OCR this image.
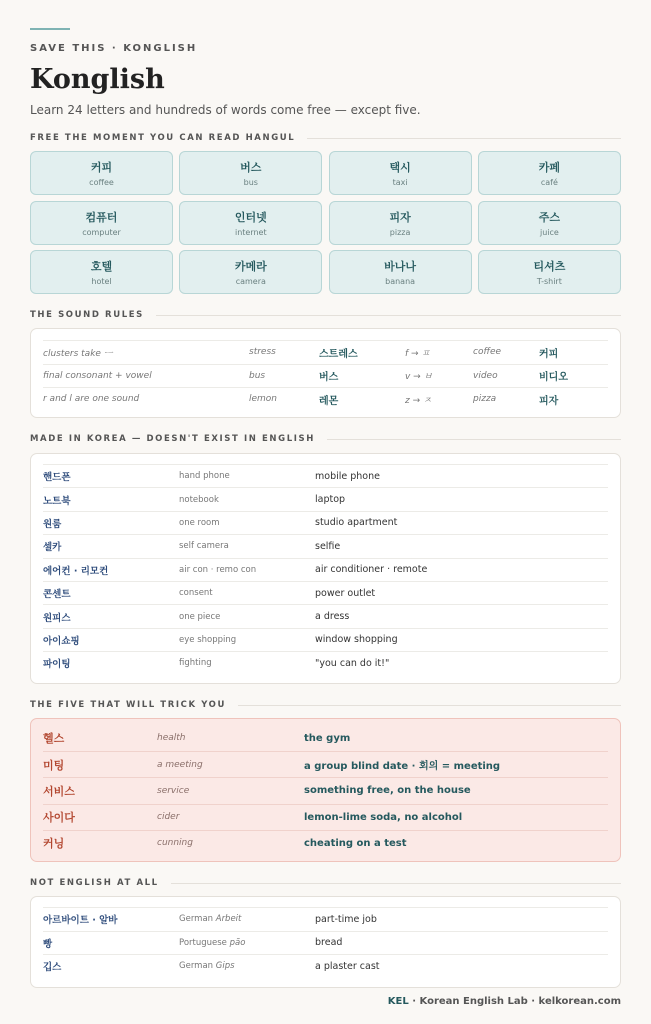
SAVE THIS · KONGLISH
Konglish
Learn 24 letters and hundreds of words come free — except five.
FREE THE MOMENT YOU CAN READ HANGUL
커피
coffee
버스
bus
택시
taxi
카페
café
컴퓨터
computer
인터넷
internet
피자
pizza
주스
juice
호텔
hotel
카메라
camera
바나나
banana
티셔츠
T-shirt
THE SOUND RULES
clusters take ㅡ	stress	스트레스	f → ㅍ	coffee	커피
final consonant + vowel	bus	버스	v → ㅂ	video	비디오
r and l are one sound	lemon	레몬	z → ㅈ	pizza	피자
MADE IN KOREA — DOESN'T EXIST IN ENGLISH
핸드폰	hand phone	mobile phone
노트북	notebook	laptop
원룸	one room	studio apartment
셀카	self camera	selfie
에어컨 · 리모컨	air con · remo con	air conditioner · remote
콘센트	consent	power outlet
원피스	one piece	a dress
아이쇼핑	eye shopping	window shopping
파이팅	fighting	"you can do it!"
THE FIVE THAT WILL TRICK YOU
헬스	health	the gym
미팅	a meeting	a group blind date · 회의 = meeting
서비스	service	something free, on the house
사이다	cider	lemon-lime soda, no alcohol
커닝	cunning	cheating on a test
NOT ENGLISH AT ALL
아르바이트 · 알바	German Arbeit	part-time job
빵	Portuguese pão	bread
깁스	German Gips	a plaster cast
KEL · Korean English Lab · kelkorean.com
